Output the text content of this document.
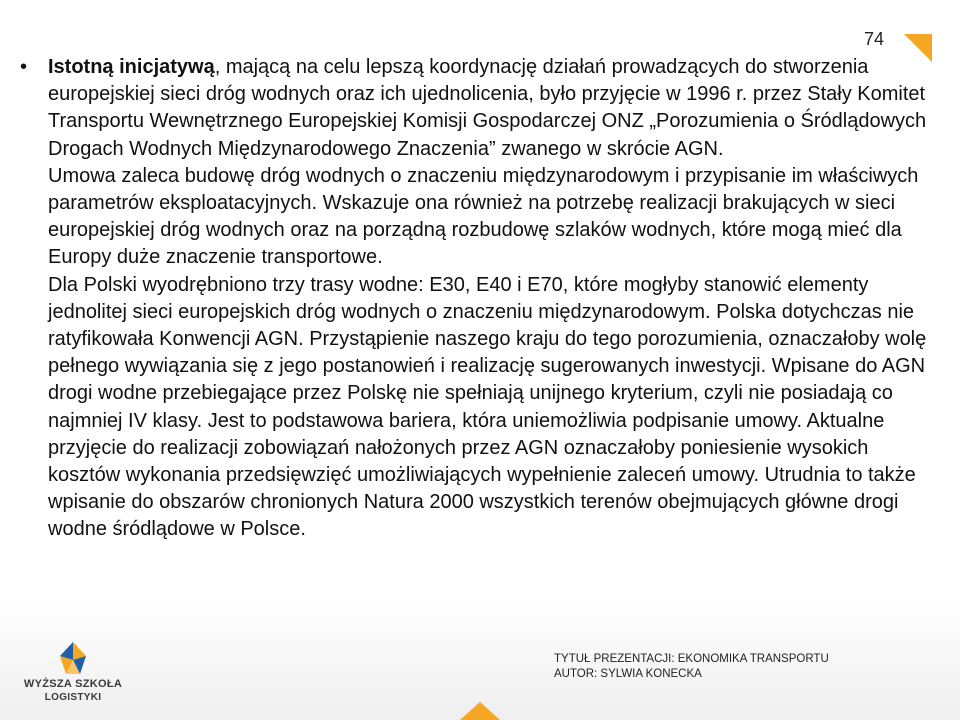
74
•	Istotną inicjatywą, mającą na celu lepszą koordynację działań prowadzących do stworzenia europejskiej sieci dróg wodnych oraz ich ujednolicenia, było przyjęcie w 1996 r. przez Stały Komitet Transportu Wewnętrznego Europejskiej Komisji Gospodarczej ONZ „Porozumienia o Śródlądowych Drogach Wodnych Międzynarodowego Znaczenia” zwanego w skrócie AGN.

Umowa zaleca budowę dróg wodnych o znaczeniu międzynarodowym i przypisanie im właściwych parametrów eksploatacyjnych. Wskazuje ona również na potrzebę realizacji brakujących w sieci europejskiej dróg wodnych oraz na porządną rozbudowę szlaków wodnych, które mogą mieć dla Europy duże znaczenie transportowe.

Dla Polski wyodrębniono trzy trasy wodne: E30, E40 i E70, które mogłyby stanowić elementy jednolitej sieci europejskich dróg wodnych o znaczeniu międzynarodowym. Polska dotychczas nie ratyfikowała Konwencji AGN. Przystąpienie naszego kraju do tego porozumienia, oznaczałoby wolę pełnego wywiązania się z jego postanowień i realizację sugerowanych inwestycji. Wpisane do AGN drogi wodne przebiegające przez Polskę nie spełniają unijnego kryterium, czyli nie posiadają co najmniej IV klasy. Jest to podstawowa bariera, która uniemożliwia podpisanie umowy. Aktualne przyjęcie do realizacji zobowiązań nałożonych przez AGN oznaczałoby poniesienie wysokich kosztów wykonania przedsięwzięć umożliwiających wypełnienie zaleceń umowy. Utrudnia to także wpisanie do obszarów chronionych Natura 2000 wszystkich terenów obejmujących główne drogi wodne śródlądowe w Polsce.

WYŻSZA SZKOŁA
LOGISTYKI
TYTUŁ PREZENTACJI: EKONOMIKA TRANSPORTU
AUTOR: SYLWIA KONECKA
